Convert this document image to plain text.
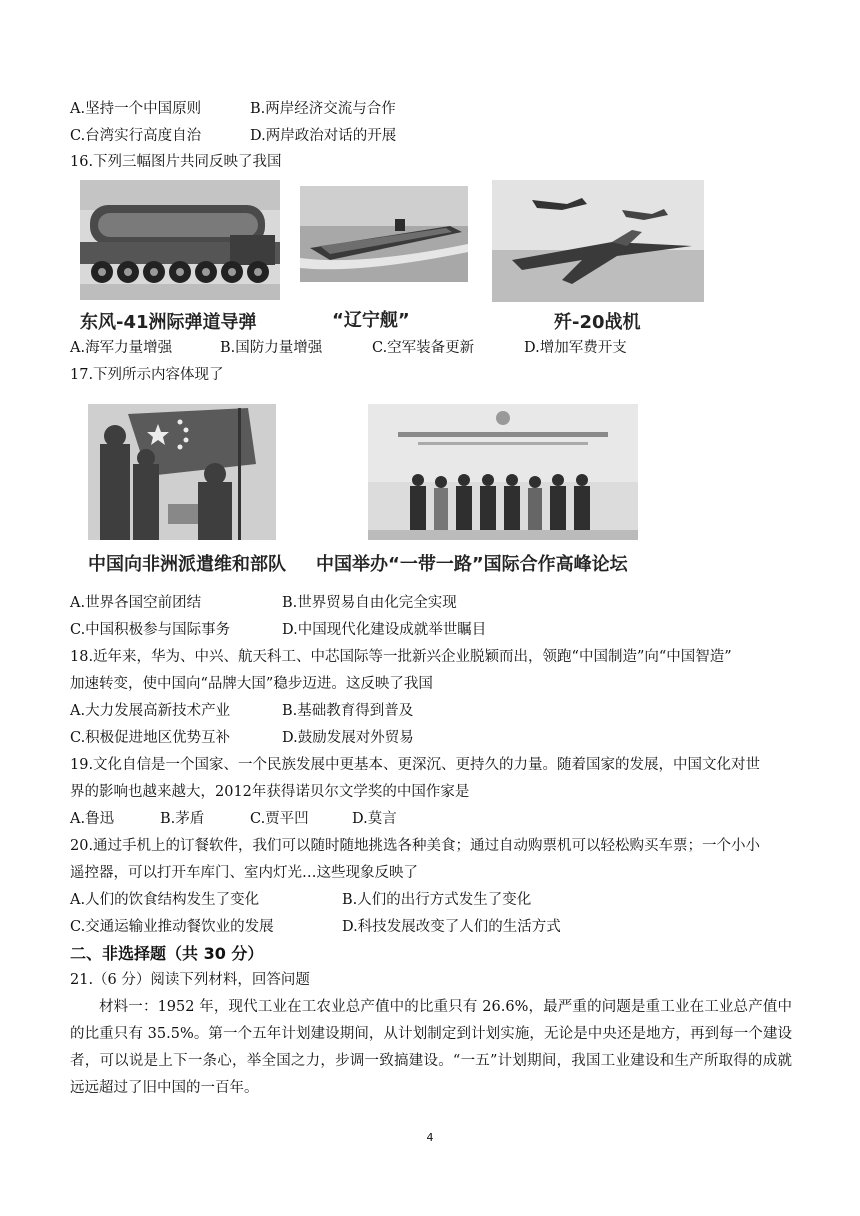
A.坚持一个中国原则	B.两岸经济交流与合作
C.台湾实行高度自治	D.两岸政治对话的开展
16.下列三幅图片共同反映了我国
东风-41洲际弹道导弹	“辽宁舰”	歼-20战机
A.海军力量增强	B.国防力量增强	C.空军装备更新	D.增加军费开支
17.下列所示内容体现了
中国向非洲派遣维和部队 中国举办“一带一路”国际合作高峰论坛
A.世界各国空前团结	B.世界贸易自由化完全实现
C.中国积极参与国际事务	D.中国现代化建设成就举世瞩目
18.近年来，华为、中兴、航天科工、中芯国际等一批新兴企业脱颖而出，领跑“中国制造”向“中国智造”
加速转变，使中国向“品牌大国”稳步迈进。这反映了我国
A.大力发展高新技术产业	B.基础教育得到普及
C.积极促进地区优势互补	D.鼓励发展对外贸易
19.文化自信是一个国家、一个民族发展中更基本、更深沉、更持久的力量。随着国家的发展，中国文化对世
界的影响也越来越大，2012年获得诺贝尔文学奖的中国作家是
A.鲁迅	B.茅盾	C.贾平凹	D.莫言
20.通过手机上的订餐软件，我们可以随时随地挑选各种美食；通过自动购票机可以轻松购买车票；一个小小
遥控器，可以打开车库门、室内灯光…这些现象反映了
A.人们的饮食结构发生了变化	B.人们的出行方式发生了变化
C.交通运输业推动餐饮业的发展	D.科技发展改变了人们的生活方式
二、非选择题（共 30 分）
21.（6 分）阅读下列材料，回答问题
材料一：1952 年，现代工业在工农业总产值中的比重只有 26.6%，最严重的问题是重工业在工业总产值中的比重只有 35.5%。第一个五年计划建设期间，从计划制定到计划实施，无论是中央还是地方，再到每一个建设者，可以说是上下一条心，举全国之力，步调一致搞建设。“一五”计划期间，我国工业建设和生产所取得的成就远远超过了旧中国的一百年。
4
